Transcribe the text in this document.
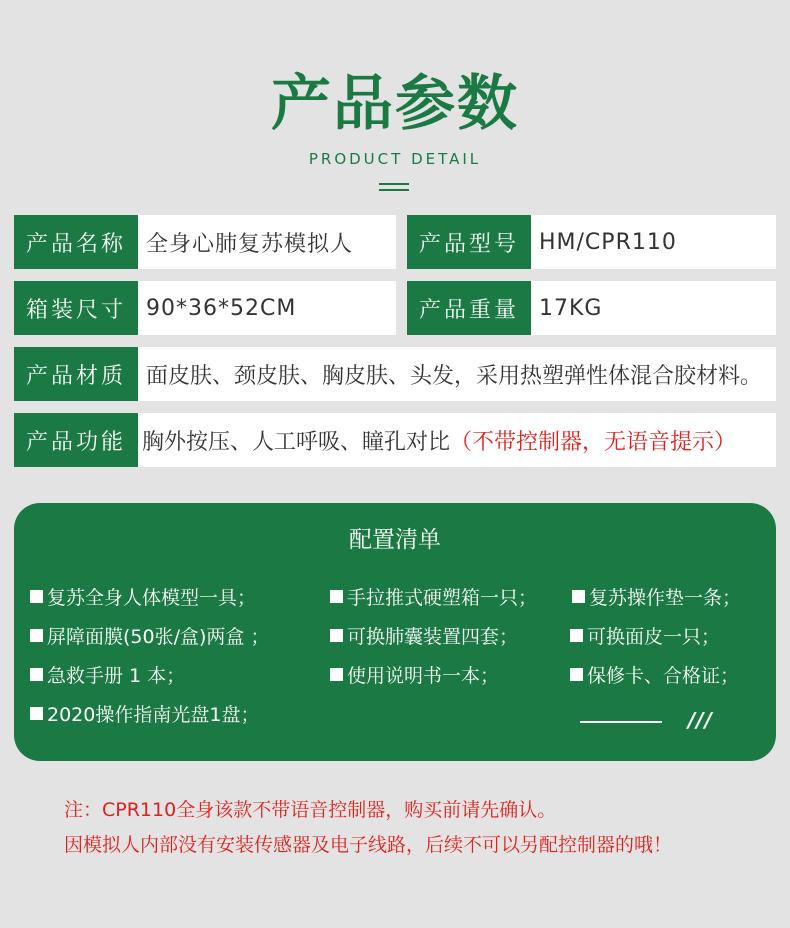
产品参数
PRODUCT DETAIL
产品名称 全身心肺复苏模拟人	产品型号 HM/CPR110
箱装尺寸 90*36*52CM	产品重量 17KG
产品材质 面皮肤、颈皮肤、胸皮肤、头发，采用热塑弹性体混合胶材料。
产品功能 胸外按压、人工呼吸、瞳孔对比 （不带控制器，无语音提示）
配置清单
复苏全身人体模型一具；	手拉推式硬塑箱一只；	复苏操作垫一条；
屏障面膜(50张/盒)两盒 ；	可换肺囊装置四套；	可换面皮一只；
急救手册 1 本；	使用说明书一本；	保修卡、合格证；
2020操作指南光盘1盘；	///
注：CPR110全身该款不带语音控制器，购买前请先确认。
因模拟人内部没有安装传感器及电子线路，后续不可以另配控制器的哦！
